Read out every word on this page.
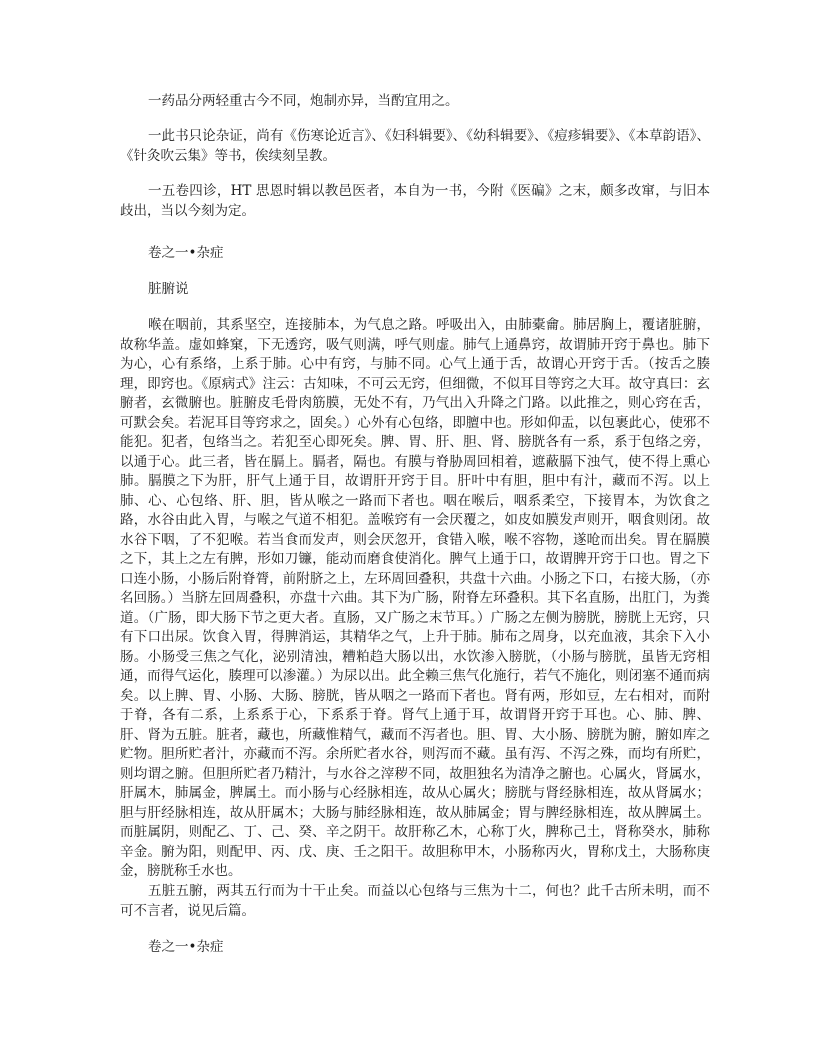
一药品分两轻重古今不同，炮制亦异，当酌宜用之。

一此书只论杂证，尚有《伤寒论近言》、《妇科辑要》、《幼科辑要》、《痘疹辑要》、《本草韵语》、《针灸吹云集》等书，俟续刻呈教。

一五卷四诊，HT 思恩时辑以教邑医者，本自为一书，今附《医碥》之末，颇多改窜，与旧本歧出，当以今刻为定。

卷之一•杂症

脏腑说

喉在咽前，其系坚空，连接肺本，为气息之路。呼吸出入，由肺橐龠。肺居胸上，覆诸脏腑，故称华盖。虚如蜂窠，下无透窍，吸气则满，呼气则虚。肺气上通鼻窍，故谓肺开窍于鼻也。肺下为心，心有系络，上系于肺。心中有窍，与肺不同。心气上通于舌，故谓心开窍于舌。（按舌之腠理，即窍也。《原病式》注云：古知味，不可云无窍，但细微，不似耳目等窍之大耳。故守真曰：玄腑者，玄微腑也。脏腑皮毛骨肉筋膜，无处不有，乃气出入升降之门路。以此推之，则心窍在舌，可默会矣。若泥耳目等窍求之，固矣。）心外有心包络，即膻中也。形如仰盂，以包裹此心，使邪不能犯。犯者，包络当之。若犯至心即死矣。脾、胃、肝、胆、肾、膀胱各有一系，系于包络之旁，以通于心。此三者，皆在膈上。膈者，隔也。有膜与脊胁周回相着，遮蔽膈下浊气，使不得上熏心肺。膈膜之下为肝，肝气上通于目，故谓肝开窍于目。肝叶中有胆，胆中有汁，藏而不泻。以上肺、心、心包络、肝、胆，皆从喉之一路而下者也。咽在喉后，咽系柔空，下接胃本，为饮食之路，水谷由此入胃，与喉之气道不相犯。盖喉窍有一会厌覆之，如皮如膜发声则开，咽食则闭。故水谷下咽，了不犯喉。若当食而发声，则会厌忽开，食错入喉，喉不容物，遂呛而出矣。胃在膈膜之下，其上之左有脾，形如刀镰，能动而磨食使消化。脾气上通于口，故谓脾开窍于口也。胃之下口连小肠，小肠后附脊膂，前附脐之上，左环周回叠积，共盘十六曲。小肠之下口，右接大肠，（亦名回肠。）当脐左回周叠积，亦盘十六曲。其下为广肠，附脊左环叠积。其下名直肠，出肛门，为粪道。（广肠，即大肠下节之更大者。直肠，又广肠之末节耳。）广肠之左侧为膀胱，膀胱上无窍，只有下口出尿。饮食入胃，得脾消运，其精华之气，上升于肺。肺布之周身，以充血液，其余下入小肠。小肠受三焦之气化，泌别清浊，糟粕趋大肠以出，水饮渗入膀胱，（小肠与膀胱，虽皆无窍相通，而得气运化，腠理可以渗灌。）为尿以出。此全赖三焦气化施行，若气不施化，则闭塞不通而病矣。以上脾、胃、小肠、大肠、膀胱，皆从咽之一路而下者也。肾有两，形如豆，左右相对，而附于脊，各有二系，上系系于心，下系系于脊。肾气上通于耳，故谓肾开窍于耳也。心、肺、脾、肝、肾为五脏。脏者，藏也，所藏惟精气，藏而不泻者也。胆、胃、大小肠、膀胱为腑，腑如库之贮物。胆所贮者汁，亦藏而不泻。余所贮者水谷，则泻而不藏。虽有泻、不泻之殊，而均有所贮，则均谓之腑。但胆所贮者乃精汁，与水谷之滓秽不同，故胆独名为清净之腑也。心属火，肾属水，肝属木，肺属金，脾属土。而小肠与心经脉相连，故从心属火；膀胱与肾经脉相连，故从肾属水；胆与肝经脉相连，故从肝属木；大肠与肺经脉相连，故从肺属金；胃与脾经脉相连，故从脾属土。而脏属阴，则配乙、丁、己、癸、辛之阴干。故肝称乙木，心称丁火，脾称己土，肾称癸水，肺称辛金。腑为阳，则配甲、丙、戊、庚、壬之阳干。故胆称甲木，小肠称丙火，胃称戊土，大肠称庚金，膀胱称壬水也。

五脏五腑，两其五行而为十干止矣。而益以心包络与三焦为十二，何也？此千古所未明，而不可不言者，说见后篇。

卷之一•杂症
